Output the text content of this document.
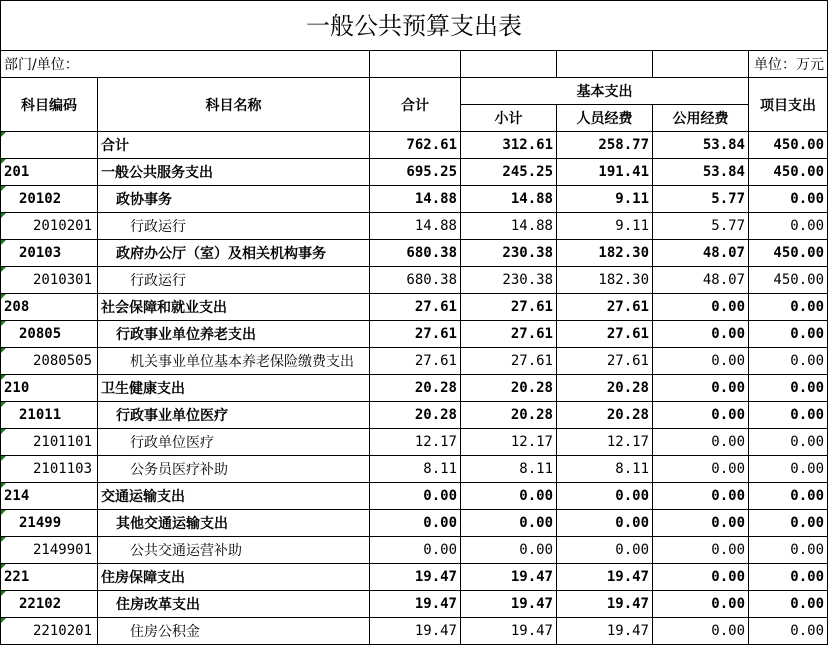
一般公共预算支出表
部门/单位：						单位：万元
科目编码	科目名称	合计	基本支出			项目支出
			小计	人员经费	公用经费	
	合计	762.61	312.61	258.77	53.84	450.00
201	一般公共服务支出	695.25	245.25	191.41	53.84	450.00
20102	政协事务	14.88	14.88	9.11	5.77	0.00
2010201	行政运行	14.88	14.88	9.11	5.77	0.00
20103	政府办公厅（室）及相关机构事务	680.38	230.38	182.30	48.07	450.00
2010301	行政运行	680.38	230.38	182.30	48.07	450.00
208	社会保障和就业支出	27.61	27.61	27.61	0.00	0.00
20805	行政事业单位养老支出	27.61	27.61	27.61	0.00	0.00
2080505	机关事业单位基本养老保险缴费支出	27.61	27.61	27.61	0.00	0.00
210	卫生健康支出	20.28	20.28	20.28	0.00	0.00
21011	行政事业单位医疗	20.28	20.28	20.28	0.00	0.00
2101101	行政单位医疗	12.17	12.17	12.17	0.00	0.00
2101103	公务员医疗补助	8.11	8.11	8.11	0.00	0.00
214	交通运输支出	0.00	0.00	0.00	0.00	0.00
21499	其他交通运输支出	0.00	0.00	0.00	0.00	0.00
2149901	公共交通运营补助	0.00	0.00	0.00	0.00	0.00
221	住房保障支出	19.47	19.47	19.47	0.00	0.00
22102	住房改革支出	19.47	19.47	19.47	0.00	0.00
2210201	住房公积金	19.47	19.47	19.47	0.00	0.00
